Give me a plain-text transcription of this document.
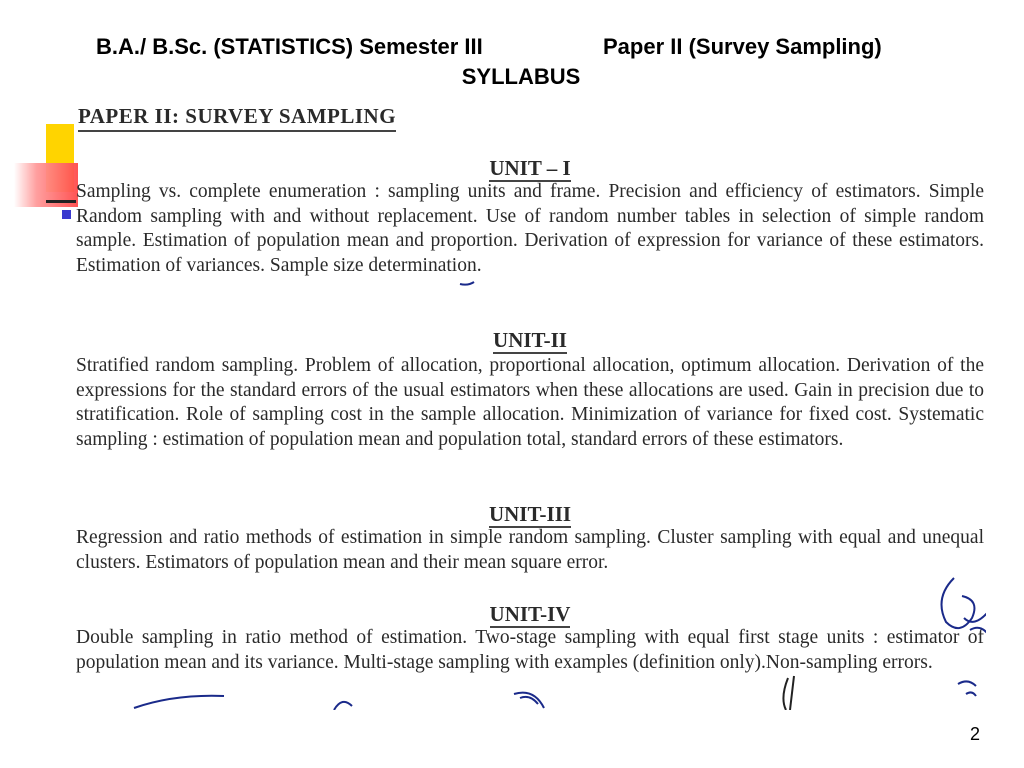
B.A./ B.Sc. (STATISTICS) Semester III	Paper II (Survey Sampling)
SYLLABUS
PAPER II: SURVEY SAMPLING
UNIT – I
Sampling vs. complete enumeration : sampling units and frame. Precision and efficiency of estimators. Simple Random sampling with and without replacement. Use of random number tables in selection of simple random sample. Estimation of population mean and proportion. Derivation of expression for variance of these estimators. Estimation of variances. Sample size determination.
UNIT-II
Stratified random sampling. Problem of allocation, proportional allocation, optimum allocation. Derivation of the expressions for the standard errors of the usual estimators when these allocations are used. Gain in precision due to stratification. Role of sampling cost in the sample allocation. Minimization of variance for fixed cost. Systematic sampling : estimation of population mean and population total, standard errors of these estimators.
UNIT-III
Regression and ratio methods of estimation in simple random sampling. Cluster sampling with equal and unequal clusters. Estimators of population mean and their mean square error.
UNIT-IV
Double sampling in ratio method of estimation. Two-stage sampling with equal first stage units : estimator of population mean and its variance. Multi-stage sampling with examples (definition only).Non-sampling errors.
2
